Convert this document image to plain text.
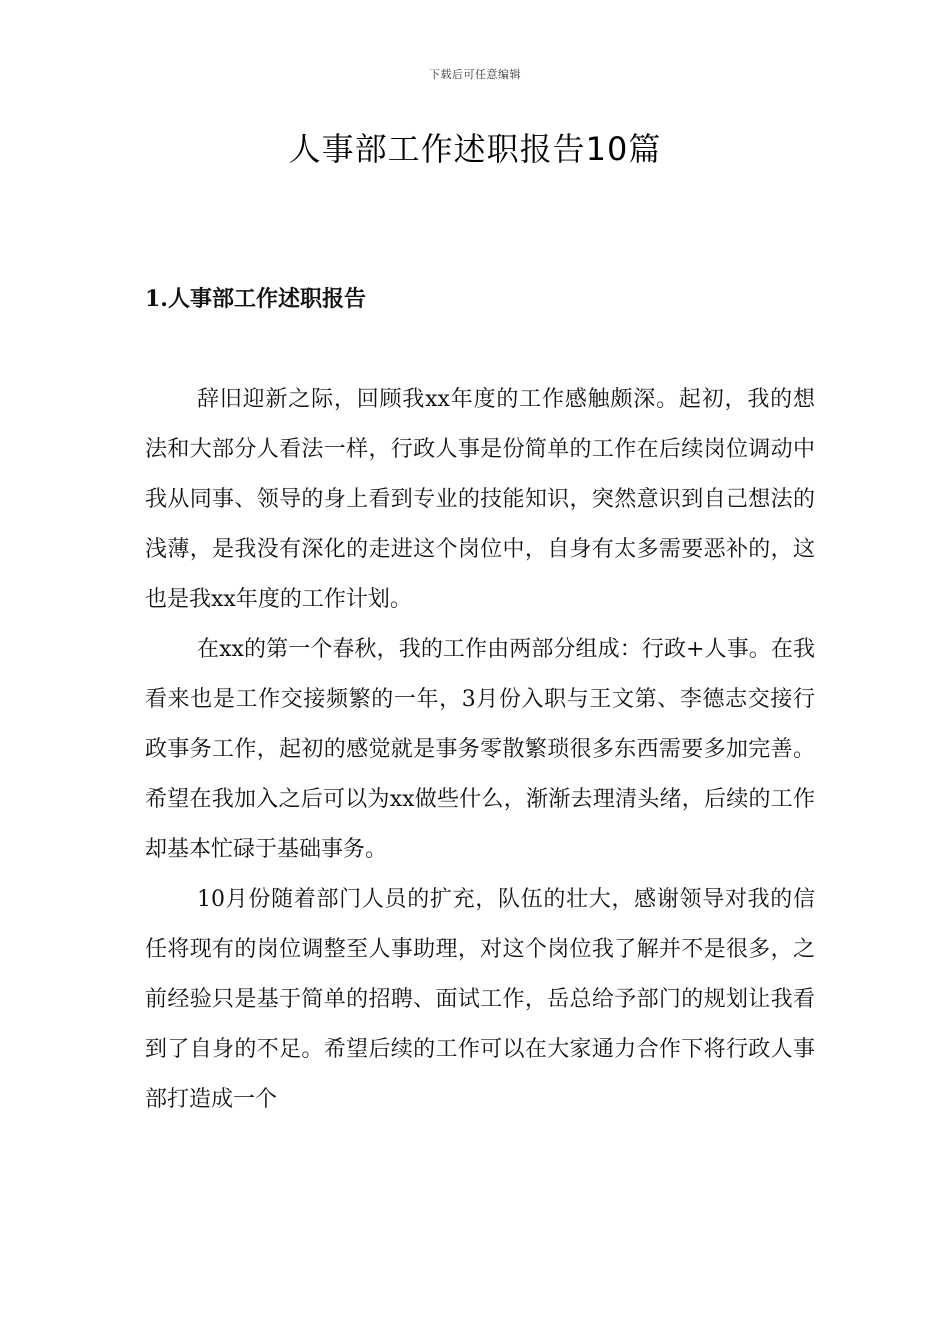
下载后可任意编辑
人事部工作述职报告10篇
1.人事部工作述职报告

辞旧迎新之际，回顾我xx年度的工作感触颇深。起初，我的想法和大部分人看法一样，行政人事是份简单的工作在后续岗位调动中我从同事、领导的身上看到专业的技能知识，突然意识到自己想法的浅薄，是我没有深化的走进这个岗位中，自身有太多需要恶补的，这也是我xx年度的工作计划。

在xx的第一个春秋，我的工作由两部分组成：行政+人事。在我看来也是工作交接频繁的一年，3月份入职与王文第、李德志交接行政事务工作，起初的感觉就是事务零散繁琐很多东西需要多加完善。希望在我加入之后可以为xx做些什么，渐渐去理清头绪，后续的工作却基本忙碌于基础事务。

10月份随着部门人员的扩充，队伍的壮大，感谢领导对我的信任将现有的岗位调整至人事助理，对这个岗位我了解并不是很多，之前经验只是基于简单的招聘、面试工作，岳总给予部门的规划让我看到了自身的不足。希望后续的工作可以在大家通力合作下将行政人事部打造成一个
